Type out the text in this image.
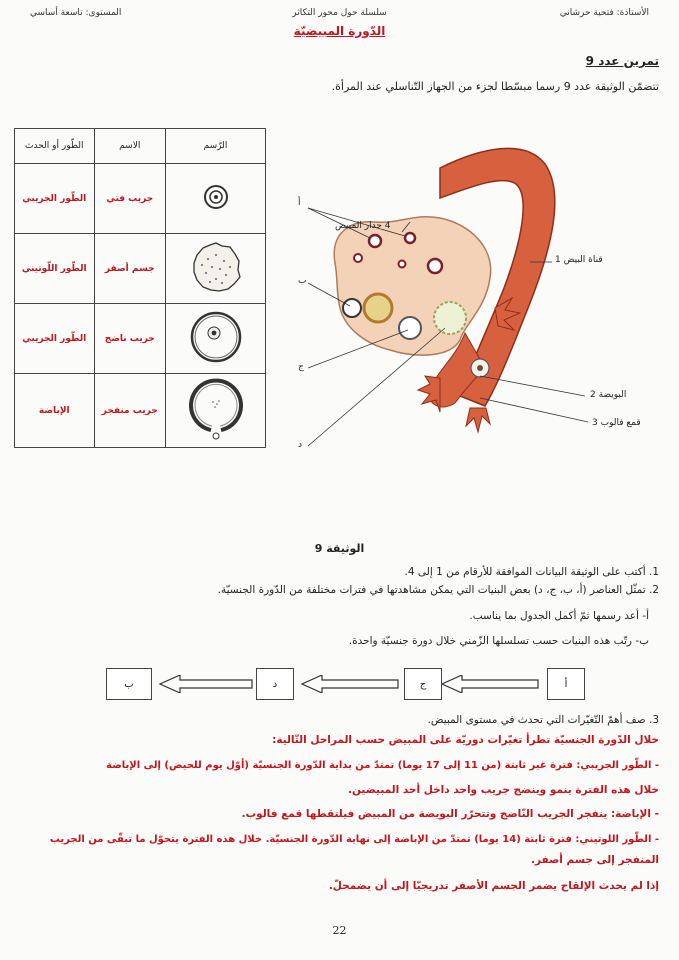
الأستاذة: فتحية حرشاني
سلسلة حول محور التكاثر
المستوى: تاسعة أساسي
الدّورة المبيضيّة
تمرين عدد 9
تتضمّن الوثيقة عدد 9 رسما مبسّطا لجزء من الجهاز التّناسلي عند المرأة.
الرّسم	الاسم	الطّور أو الحدث
	جريب فتي	الطّور الجريبي
	جسم أصفر	الطّور اللّوتيني
	جريب ناضج	الطّور الجريبي
	جريب منفجر	الإباضة
أ
ب
ج
د
4 جدار المبيض
قناة البيض 1
البويضة 2
قمع فالوب 3
الوثيقة 9
1. أكتب على الوثيقة البيانات الموافقة للأرقام من 1 إلى 4.
2. تمثّل العناصر (أ، ب، ج، د) بعض البنيات التي يمكن مشاهدتها في فترات مختلفة من الدّورة الجنسيّة.
أ- أعد رسمها ثمّ أكمل الجدول بما يناسب.
ب- رتّب هذه البنيات حسب تسلسلها الزّمني خلال دورة جنسيّة واحدة.
أ
ج
د
ب
3. صف أهمّ التّغيّرات التي تحدث في مستوى المبيض.
خلال الدّورة الجنسيّة تطرأ تغيّرات دوريّة على المبيض حسب المراحل التّالية:
- الطّور الجريبي: فترة غير ثابتة (من 11 إلى 17 يوما) تمتدّ من بداية الدّورة الجنسيّة (أوّل يوم للحيض) إلى الإباضة
خلال هذه الفترة ينمو وينضج جريب واحد داخل أحد المبيضين.
- الإباضة: ينفجر الجريب النّاضج وتتحرّر البويضة من المبيض فيلتقطها قمع فالوب.
- الطّور اللوتيني: فترة ثابتة (14 يوما) تمتدّ من الإباضة إلى نهاية الدّورة الجنسيّة. خلال هذه الفترة يتحوّل ما تبقّى من الجريب
المنفجر إلى جسم أصفر.
إذا لم يحدث الإلقاح يضمر الجسم الأصفر تدريجيّا إلى أن يضمحلّ.
22
